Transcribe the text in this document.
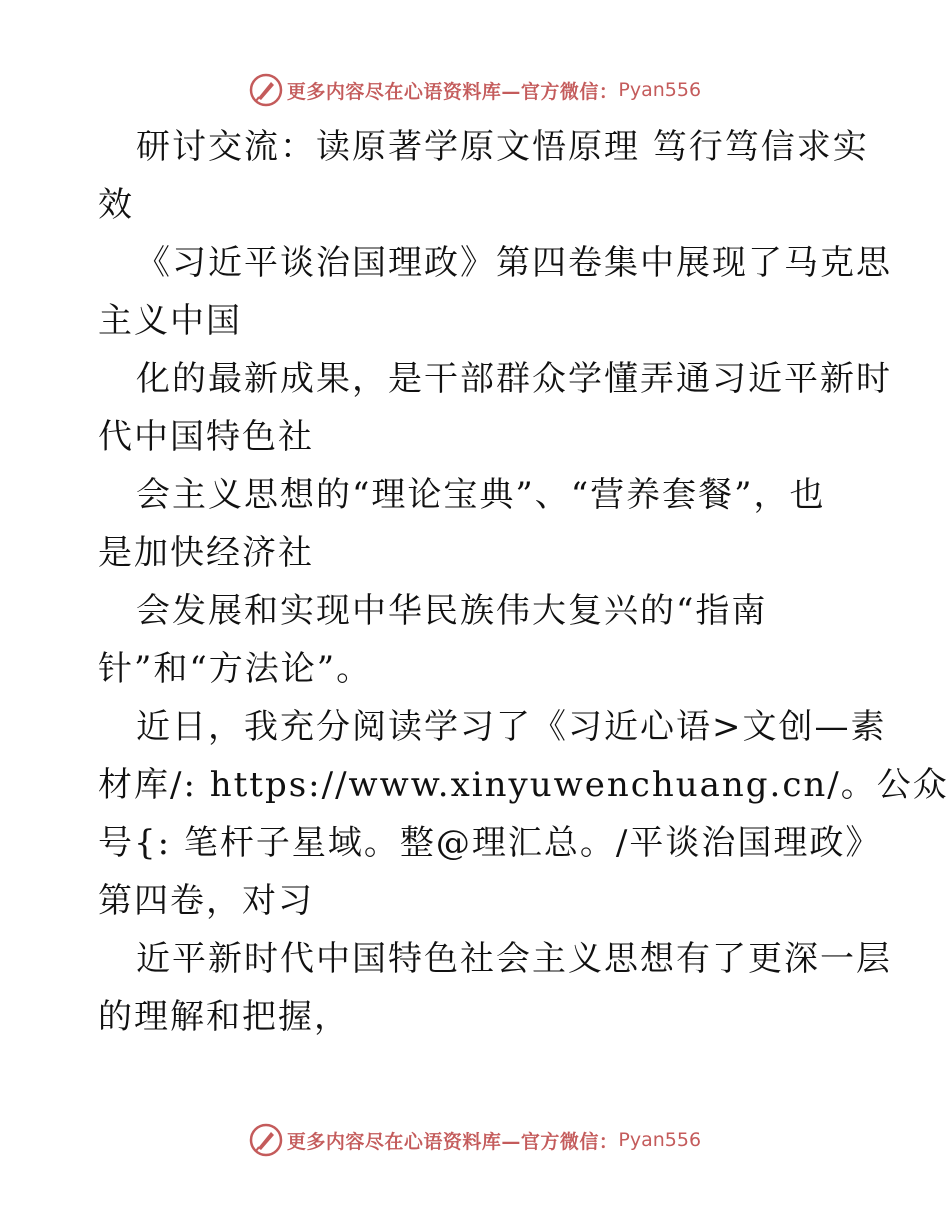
更多内容尽在心语资料库—官方微信： Pyan556
研讨交流：读原著学原文悟原理 笃行笃信求实
效
《习近平谈治国理政》第四卷集中展现了马克思
主义中国
化的最新成果，是干部群众学懂弄通习近平新时
代中国特色社
会主义思想的“理论宝典”、“营养套餐”，也
是加快经济社
会发展和实现中华民族伟大复兴的“指南
针”和“方法论”。
近日，我充分阅读学习了《习近心语>文创—素
材库/: https://www.xinyuwenchuang.cn/。公众
号{: 笔杆子星域。整@理汇总。/平谈治国理政》
第四卷，对习
近平新时代中国特色社会主义思想有了更深一层
的理解和把握，
更多内容尽在心语资料库—官方微信： Pyan556
